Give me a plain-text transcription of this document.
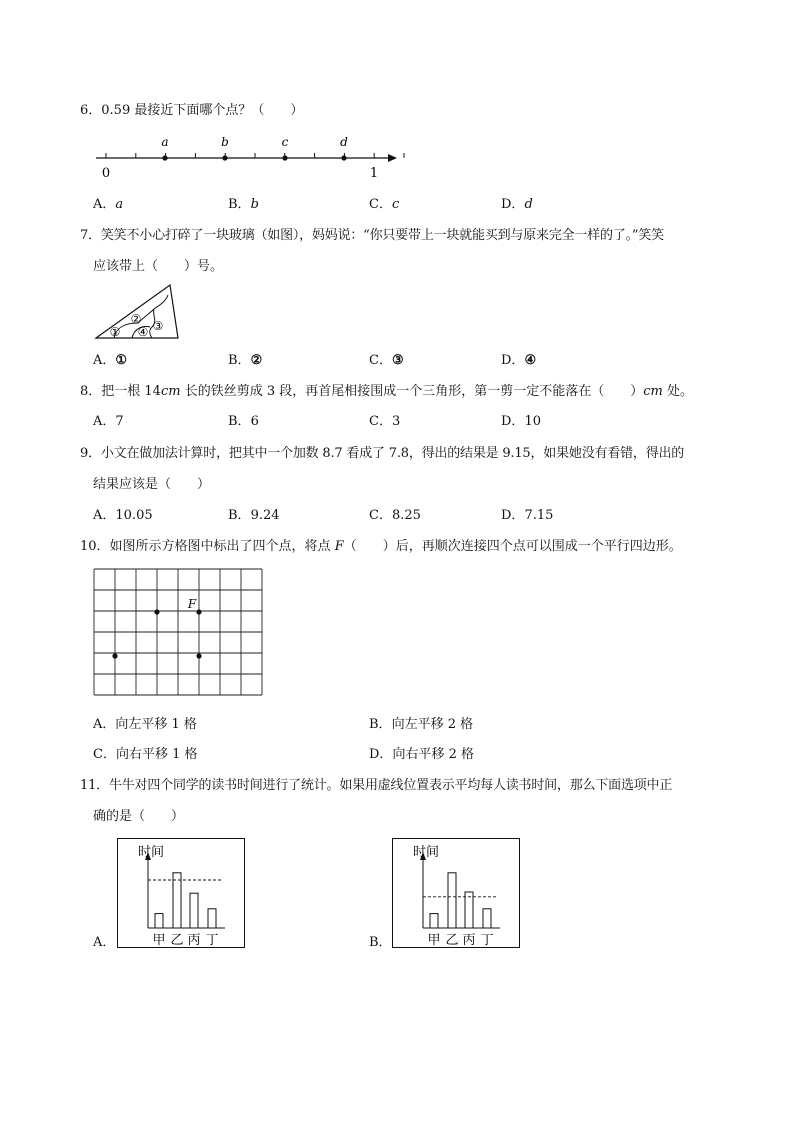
6．0.59 最接近下面哪个点？（　　）
a	b	c	d
0	1
A．a	B．b	C．c	D．d
7．笑笑不小心打碎了一块玻璃（如图），妈妈说：“你只要带上一块就能买到与原来完全一样的了。”笑笑
应该带上（　　）号。
①
② ③
④
A．①	B．②	C．③	D．④
8．把一根 14cm 长的铁丝剪成 3 段，再首尾相接围成一个三角形，第一剪一定不能落在（　　）cm 处。
A．7	B．6	C．3	D．10
9．小文在做加法计算时，把其中一个加数 8.7 看成了 7.8，得出的结果是 9.15，如果她没有看错，得出的
结果应该是（　　）
A．10.05	B．9.24	C．8.25	D．7.15
10．如图所示方格图中标出了四个点，将点 F（　　）后，再顺次连接四个点可以围成一个平行四边形。
F
A．向左平移 1 格	B．向左平移 2 格
C．向右平移 1 格	D．向右平移 2 格
11．牛牛对四个同学的读书时间进行了统计。如果用虚线位置表示平均每人读书时间，那么下面选项中正
确的是（　　）
A．	B．
时间
甲 乙 丙 丁
时间
甲 乙 丙 丁
